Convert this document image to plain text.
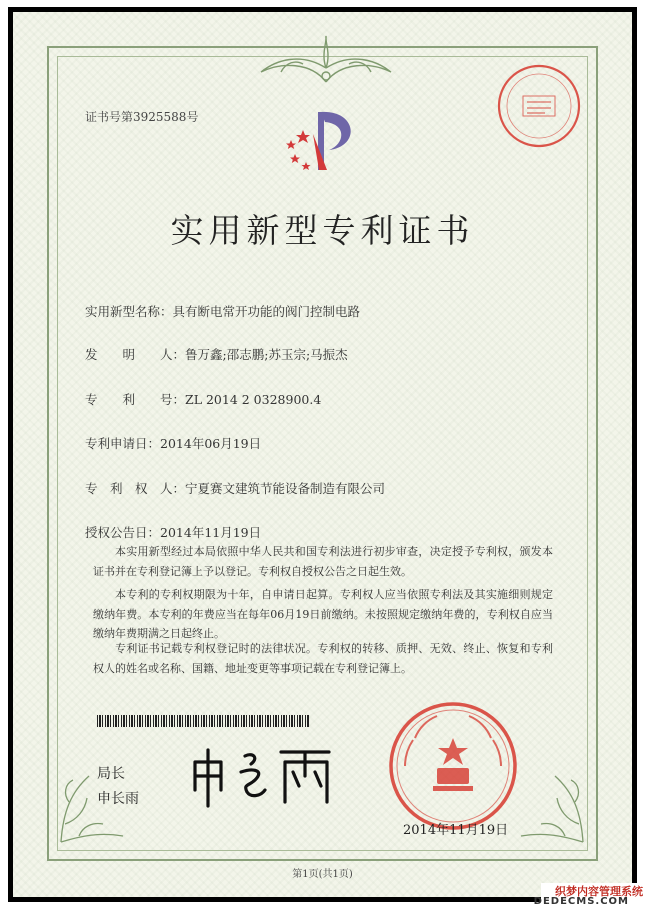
证书号第3925588号
实用新型专利证书
实用新型名称：具有断电常开功能的阀门控制电路
发　　明　　人：鲁万鑫;邵志鹏;苏玉宗;马振杰
专　　利　　号：ZL 2014 2 0328900.4
专利申请日：2014年06月19日
专　利　权　人：宁夏赛文建筑节能设备制造有限公司
授权公告日：2014年11月19日
本实用新型经过本局依照中华人民共和国专利法进行初步审查，决定授予专利权，颁发本证书并在专利登记簿上予以登记。专利权自授权公告之日起生效。
本专利的专利权期限为十年，自申请日起算。专利权人应当依照专利法及其实施细则规定缴纳年费。本专利的年费应当在每年06月19日前缴纳。未按照规定缴纳年费的，专利权自应当缴纳年费期满之日起终止。
专利证书记载专利权登记时的法律状况。专利权的转移、质押、无效、终止、恢复和专利权人的姓名或名称、国籍、地址变更等事项记载在专利登记簿上。
局长
申长雨
2014年11月19日
第1页(共1页)
织梦内容管理系统
DEDECMS.COM
